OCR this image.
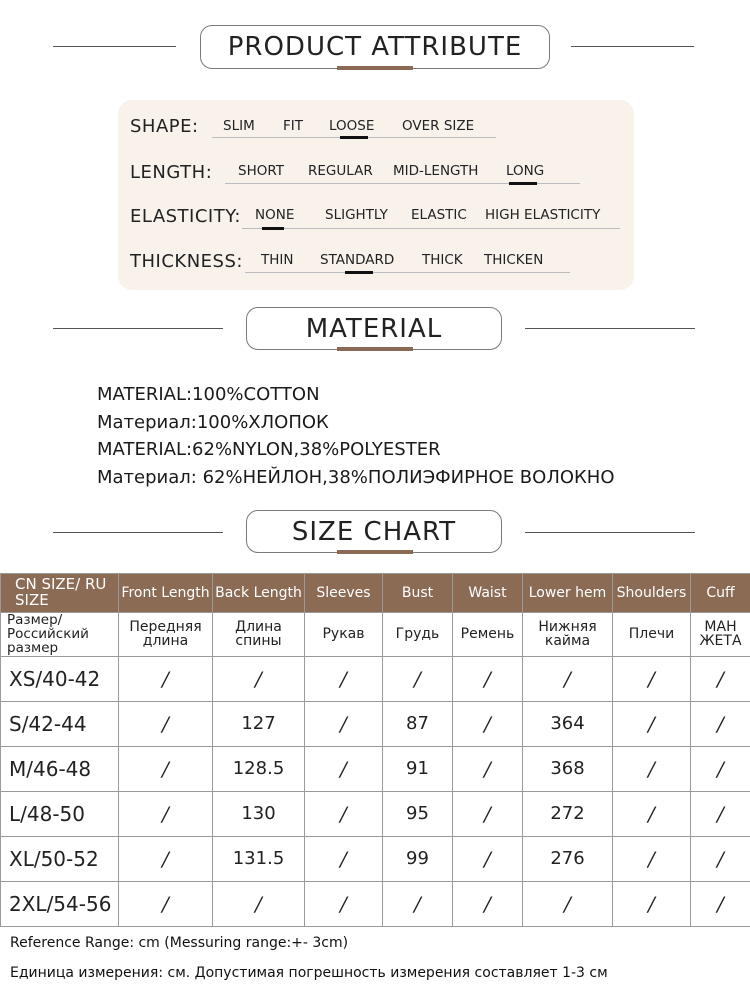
PRODUCT ATTRIBUTE
SHAPE: SLIM FIT LOOSE OVER SIZE
LENGTH: SHORT REGULAR MID-LENGTH LONG
ELASTICITY: NONE SLIGHTLY ELASTIC HIGH ELASTICITY
THICKNESS: THIN STANDARD THICK THICKEN
MATERIAL
MATERIAL:100%COTTON
Материал:100%ХЛОПОК
MATERIAL:62%NYLON,38%POLYESTER
Материал: 62%НЕЙЛОН,38%ПОЛИЭФИРНОЕ ВОЛОКНО
SIZE CHART
CN SIZE/ RU SIZE	Front Length	Back Length	Sleeves	Bust	Waist	Lower hem	Shoulders	Cuff
Размер/ Российский размер	Передняя длина	Длина спины	Рукав	Грудь	Ремень	Нижняя кайма	Плечи	МАН ЖЕТА
XS/40-42	/	/	/	/	/	/	/	/
S/42-44	/	127	/	87	/	364	/	/
M/46-48	/	128.5	/	91	/	368	/	/
L/48-50	/	130	/	95	/	272	/	/
XL/50-52	/	131.5	/	99	/	276	/	/
2XL/54-56	/	/	/	/	/	/	/	/
Reference Range: cm (Messuring range:+- 3cm)
Единица измерения: см. Допустимая погрешность измерения составляет 1-3 см
